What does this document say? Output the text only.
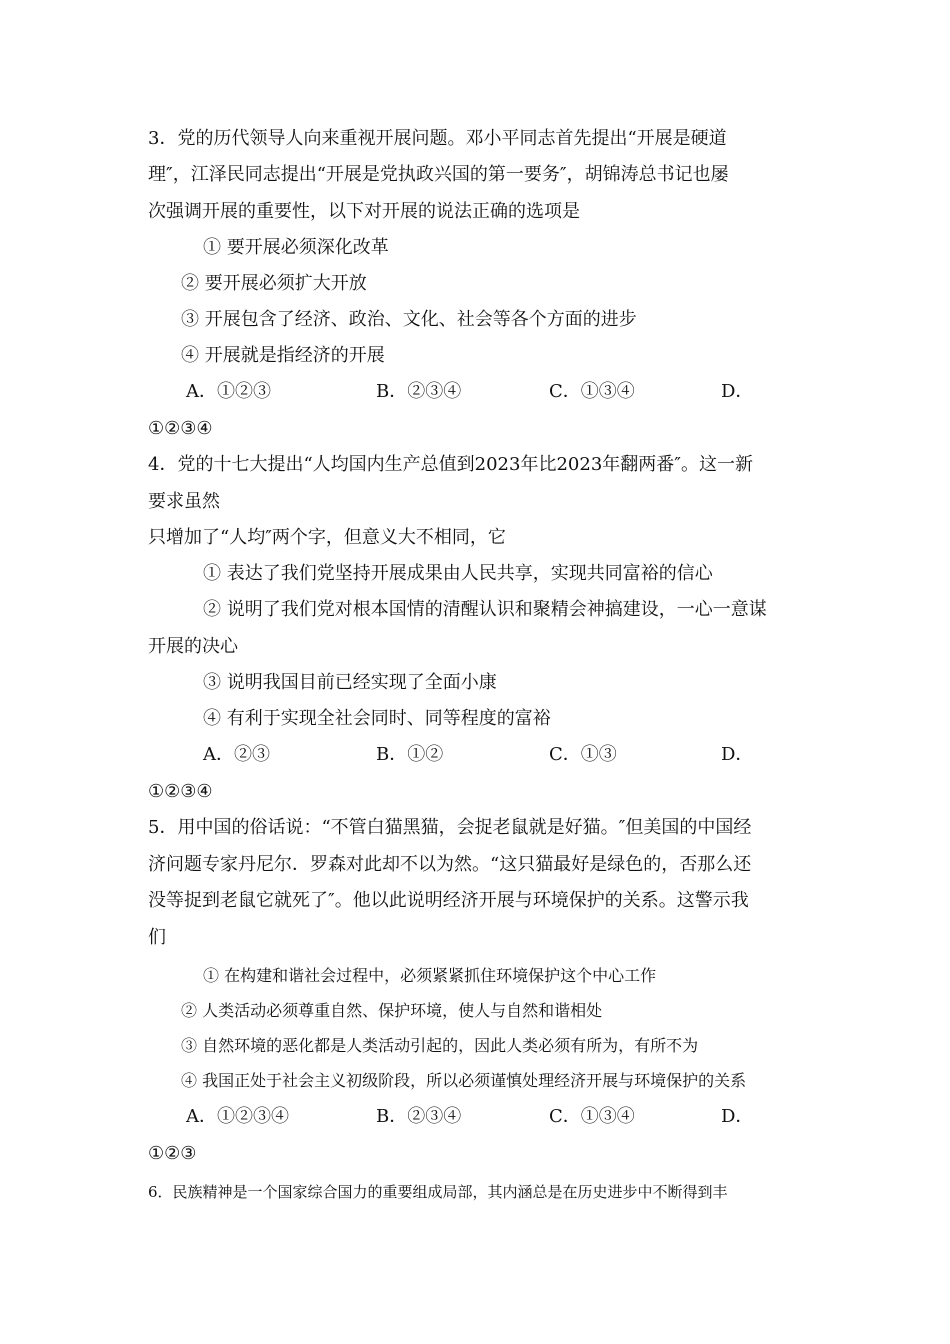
3．党的历代领导人向来重视开展问题。邓小平同志首先提出“开展是硬道
理″，江泽民同志提出“开展是党执政兴国的第一要务″，胡锦涛总书记也屡
次强调开展的重要性，以下对开展的说法正确的选项是
① 要开展必须深化改革
② 要开展必须扩大开放
③ 开展包含了经济、政治、文化、社会等各个方面的进步
④ 开展就是指经济的开展
A．①②③	B．②③④	C．①③④	D．
①②③④
4．党的十七大提出“人均国内生产总值到2023年比2023年翻两番″。这一新
要求虽然
只增加了“人均″两个字，但意义大不相同，它
① 表达了我们党坚持开展成果由人民共享，实现共同富裕的信心
② 说明了我们党对根本国情的清醒认识和聚精会神搞建设，一心一意谋
开展的决心
③ 说明我国目前已经实现了全面小康
④ 有利于实现全社会同时、同等程度的富裕
A．②③	B．①②	C．①③	D．
①②③④
5．用中国的俗话说：“不管白猫黑猫，会捉老鼠就是好猫。″但美国的中国经
济问题专家丹尼尔．罗森对此却不以为然。“这只猫最好是绿色的，否那么还
没等捉到老鼠它就死了″。他以此说明经济开展与环境保护的关系。这警示我
们
① 在构建和谐社会过程中，必须紧紧抓住环境保护这个中心工作
② 人类活动必须尊重自然、保护环境，使人与自然和谐相处
③ 自然环境的恶化都是人类活动引起的，因此人类必须有所为，有所不为
④ 我国正处于社会主义初级阶段，所以必须谨慎处理经济开展与环境保护的关系
A．①②③④	B．②③④	C．①③④	D．
①②③
6．民族精神是一个国家综合国力的重要组成局部，其内涵总是在历史进步中不断得到丰
